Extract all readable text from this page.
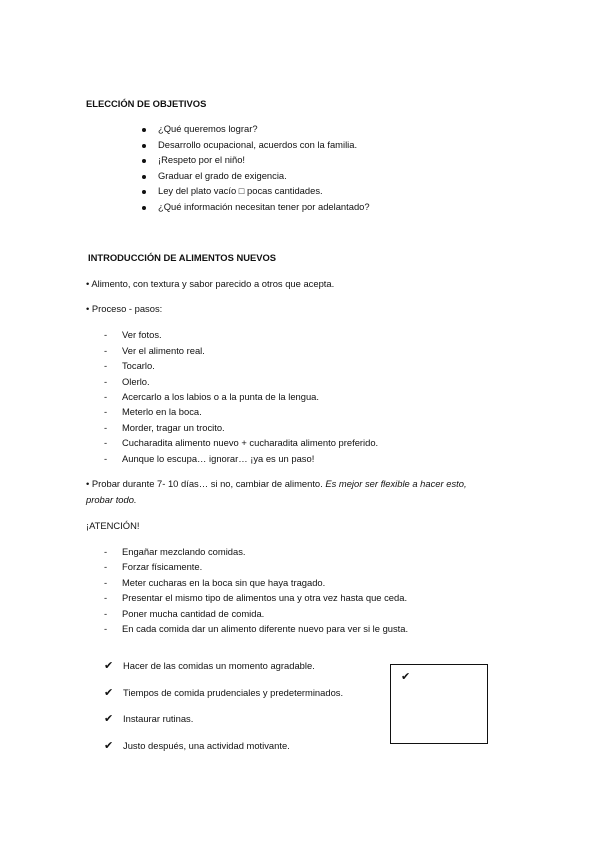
ELECCIÓN DE OBJETIVOS
¿Qué queremos lograr?
Desarrollo ocupacional, acuerdos con la familia.
¡Respeto por el niño!
Graduar el grado de exigencia.
Ley del plato vacío □ pocas cantidades.
¿Qué información necesitan tener por adelantado?
INTRODUCCIÓN DE ALIMENTOS NUEVOS
• Alimento, con textura y sabor parecido a otros que acepta.
• Proceso - pasos:
- Ver fotos.
- Ver el alimento real.
- Tocarlo.
- Olerlo.
- Acercarlo a los labios o a la punta de la lengua.
- Meterlo en la boca.
- Morder, tragar un trocito.
- Cucharadita alimento nuevo + cucharadita alimento preferido.
- Aunque lo escupa… ignorar… ¡ya es un paso!
• Probar durante 7- 10 días… si no, cambiar de alimento. Es mejor ser flexible a hacer esto,
probar todo.
¡ATENCIÓN!
- Engañar mezclando comidas.
- Forzar físicamente.
- Meter cucharas en la boca sin que haya tragado.
- Presentar el mismo tipo de alimentos una y otra vez hasta que ceda.
- Poner mucha cantidad de comida.
- En cada comida dar un alimento diferente nuevo para ver si le gusta.
✔ Hacer de las comidas un momento agradable.
✔ Tiempos de comida prudenciales y predeterminados.
✔ Instaurar rutinas.
✔ Justo después, una actividad motivante.
✔
